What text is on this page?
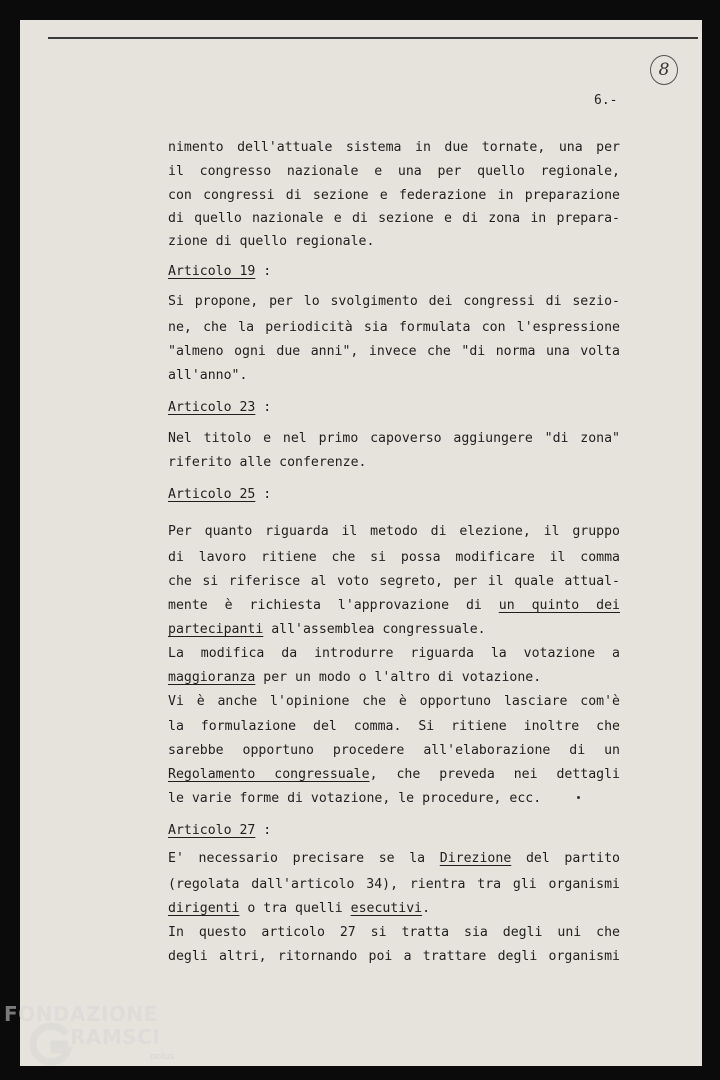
8
6.-
nimento dell'attuale sistema in due tornate, una per
il congresso nazionale e una per quello regionale,
con congressi di sezione e federazione in preparazione
di quello nazionale e di sezione e di zona in prepara-
zione di quello regionale.
Articolo 19 :
Si propone, per lo svolgimento dei congressi di sezio-
ne, che la periodicità sia formulata con l'espressione
"almeno ogni due anni", invece che "di norma una volta
all'anno".
Articolo 23 :
Nel titolo e nel primo capoverso aggiungere "di zona"
riferito alle conferenze.
Articolo 25 :
Per quanto riguarda il metodo di elezione, il gruppo
di lavoro ritiene che si possa modificare il comma
che si riferisce al voto segreto, per il quale attual-
mente è richiesta l'approvazione di un quinto dei
partecipanti all'assemblea congressuale.
La modifica da introdurre riguarda la votazione a
maggioranza per un modo o l'altro di votazione.
Vi è anche l'opinione che è opportuno lasciare com'è
la formulazione del comma. Si ritiene inoltre che
sarebbe opportuno procedere all'elaborazione di un
Regolamento congressuale, che preveda nei dettagli
le varie forme di votazione, le procedure, ecc.
Articolo 27 :
E' necessario precisare se la Direzione del partito
(regolata dall'articolo 34), rientra tra gli organismi
dirigenti o tra quelli esecutivi.
In questo articolo 27 si tratta sia degli uni che
degli altri, ritornando poi a trattare degli organismi
FONDAZIONE
RAMSCI
onlus
